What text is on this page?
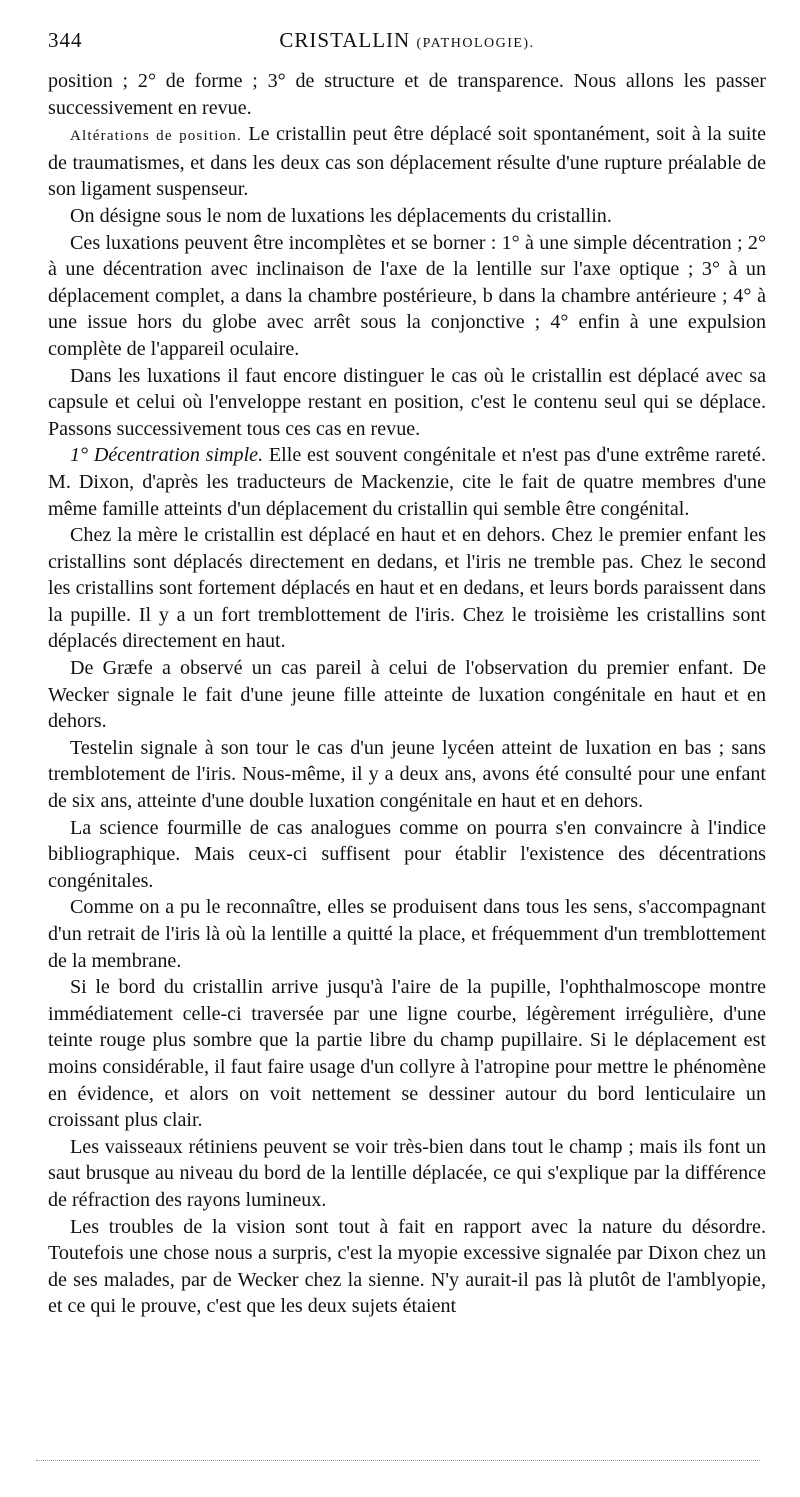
344	CRISTALLIN (PATHOLOGIE).

position ; 2° de forme ; 3° de structure et de transparence. Nous allons les passer successivement en revue.

Altérations de position. Le cristallin peut être déplacé soit spontanément, soit à la suite de traumatismes, et dans les deux cas son déplacement résulte d'une rupture préalable de son ligament suspenseur.

On désigne sous le nom de luxations les déplacements du cristallin.

Ces luxations peuvent être incomplètes et se borner : 1° à une simple décentration ; 2° à une décentration avec inclinaison de l'axe de la lentille sur l'axe optique ; 3° à un déplacement complet, a dans la chambre postérieure, b dans la chambre antérieure ; 4° à une issue hors du globe avec arrêt sous la conjonctive ; 4° enfin à une expulsion complète de l'appareil oculaire.

Dans les luxations il faut encore distinguer le cas où le cristallin est déplacé avec sa capsule et celui où l'enveloppe restant en position, c'est le contenu seul qui se déplace. Passons successivement tous ces cas en revue.

1° Décentration simple. Elle est souvent congénitale et n'est pas d'une extrême rareté. M. Dixon, d'après les traducteurs de Mackenzie, cite le fait de quatre membres d'une même famille atteints d'un déplacement du cristallin qui semble être congénital.

Chez la mère le cristallin est déplacé en haut et en dehors. Chez le premier enfant les cristallins sont déplacés directement en dedans, et l'iris ne tremble pas. Chez le second les cristallins sont fortement déplacés en haut et en dedans, et leurs bords paraissent dans la pupille. Il y a un fort tremblottement de l'iris. Chez le troisième les cristallins sont déplacés directement en haut.

De Græfe a observé un cas pareil à celui de l'observation du premier enfant. De Wecker signale le fait d'une jeune fille atteinte de luxation congénitale en haut et en dehors.

Testelin signale à son tour le cas d'un jeune lycéen atteint de luxation en bas ; sans tremblotement de l'iris. Nous-même, il y a deux ans, avons été consulté pour une enfant de six ans, atteinte d'une double luxation congénitale en haut et en dehors.

La science fourmille de cas analogues comme on pourra s'en convaincre à l'indice bibliographique. Mais ceux-ci suffisent pour établir l'existence des décentrations congénitales.

Comme on a pu le reconnaître, elles se produisent dans tous les sens, s'accompagnant d'un retrait de l'iris là où la lentille a quitté la place, et fréquemment d'un tremblottement de la membrane.

Si le bord du cristallin arrive jusqu'à l'aire de la pupille, l'ophthalmoscope montre immédiatement celle-ci traversée par une ligne courbe, légèrement irrégulière, d'une teinte rouge plus sombre que la partie libre du champ pupillaire. Si le déplacement est moins considérable, il faut faire usage d'un collyre à l'atropine pour mettre le phénomène en évidence, et alors on voit nettement se dessiner autour du bord lenticulaire un croissant plus clair.

Les vaisseaux rétiniens peuvent se voir très-bien dans tout le champ ; mais ils font un saut brusque au niveau du bord de la lentille déplacée, ce qui s'explique par la différence de réfraction des rayons lumineux.

Les troubles de la vision sont tout à fait en rapport avec la nature du désordre. Toutefois une chose nous a surpris, c'est la myopie excessive signalée par Dixon chez un de ses malades, par de Wecker chez la sienne. N'y aurait-il pas là plutôt de l'amblyopie, et ce qui le prouve, c'est que les deux sujets étaient
